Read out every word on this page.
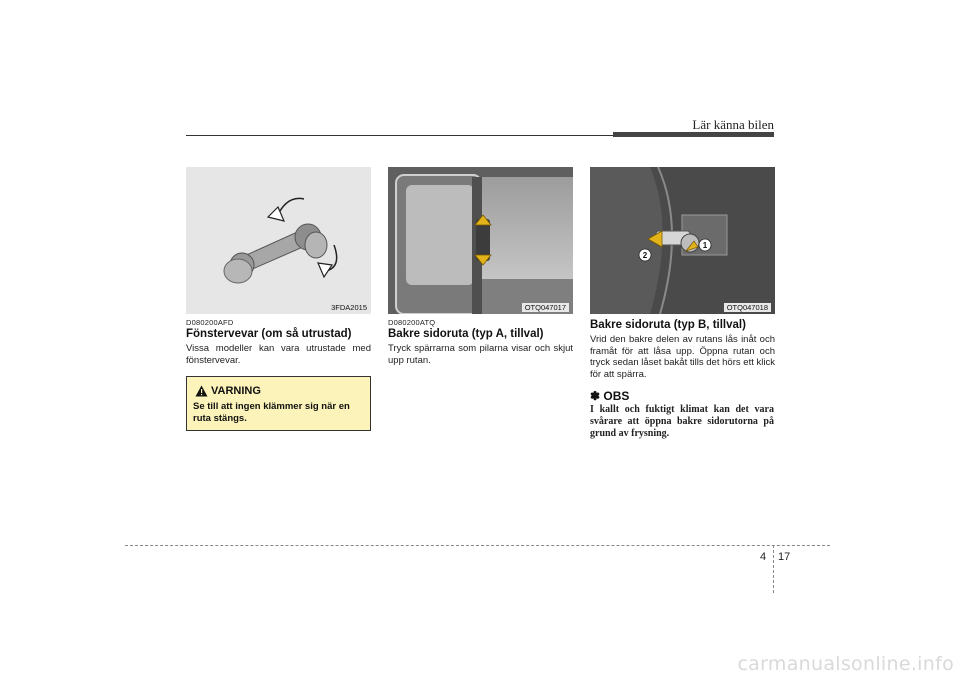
Lär känna bilen
3FDA2015	OTQ047017
1
2
OTQ047018
D080200AFD
Fönstervevar (om så utrustad)
Vissa modeller kan vara utrustade med fönstervevar.
VARNING
Se till att ingen klämmer sig när en ruta stängs.
D080200ATQ
Bakre sidoruta (typ A, tillval)
Tryck spärrarna som pilarna visar och skjut upp rutan.
Bakre sidoruta (typ B, tillval)
Vrid den bakre delen av rutans lås inåt och framåt för att låsa upp. Öppna rutan och tryck sedan låset bakåt tills det hörs ett klick för att spärra.
✽ OBS
I kallt och fuktigt klimat kan det vara svårare att öppna bakre sidorutorna på grund av frysning.
4 17
carmanualsonline.info
